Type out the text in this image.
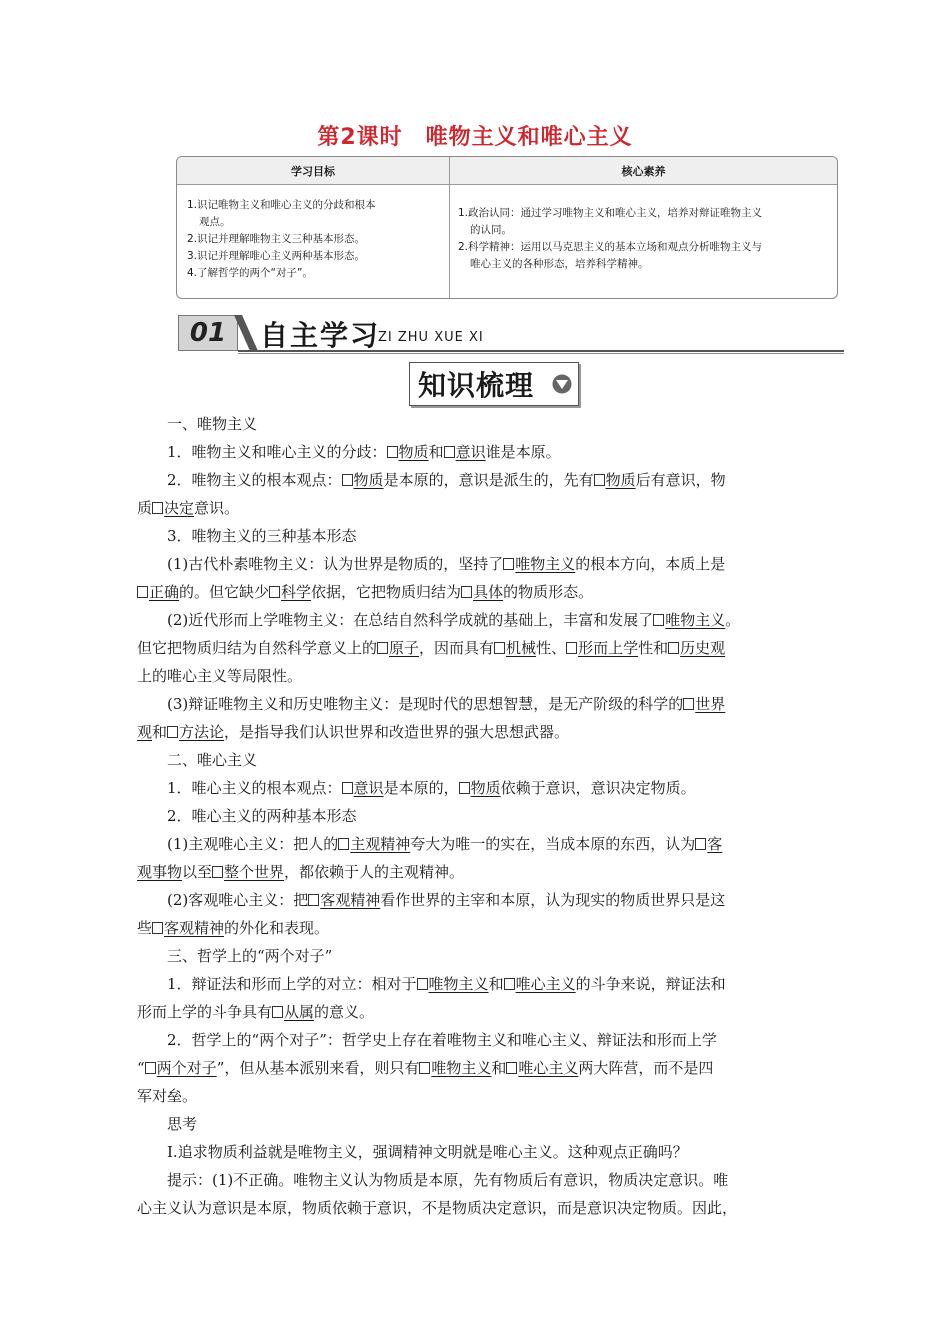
第2课时　唯物主义和唯心主义
学习目标	核心素养
1.识记唯物主义和唯心主义的分歧和根本
观点。
2.识记并理解唯物主义三种基本形态。
3.识记并理解唯心主义两种基本形态。
4.了解哲学的两个“对子”。
1.政治认同：通过学习唯物主义和唯心主义，培养对辩证唯物主义
的认同。
2.科学精神：运用以马克思主义的基本立场和观点分析唯物主义与
唯心主义的各种形态，培养科学精神。
01	自主学习
ZI ZHU XUE XI
知识梳理
一、唯物主义
1．唯物主义和唯心主义的分歧： 物质和 意识谁是本原。
2．唯物主义的根本观点： 物质是本原的，意识是派生的，先有 物质后有意识，物
质 决定意识。
3．唯物主义的三种基本形态
(1)古代朴素唯物主义：认为世界是物质的，坚持了 唯物主义的根本方向，本质上是
正确的。但它缺少 科学依据，它把物质归结为 具体的物质形态。
(2)近代形而上学唯物主义：在总结自然科学成就的基础上，丰富和发展了 唯物主义。
但它把物质归结为自然科学意义上的 原子，因而具有 机械性、 形而上学性和 历史观
上的唯心主义等局限性。
(3)辩证唯物主义和历史唯物主义：是现时代的思想智慧，是无产阶级的科学的 世界
观和 方法论，是指导我们认识世界和改造世界的强大思想武器。
二、唯心主义
1．唯心主义的根本观点： 意识是本原的， 物质依赖于意识，意识决定物质。
2．唯心主义的两种基本形态
(1)主观唯心主义：把人的 主观精神夸大为唯一的实在，当成本原的东西，认为 客
观事物以至 整个世界，都依赖于人的主观精神。
(2)客观唯心主义：把 客观精神看作世界的主宰和本原，认为现实的物质世界只是这
些 客观精神的外化和表现。
三、哲学上的“两个对子”
1．辩证法和形而上学的对立：相对于 唯物主义和 唯心主义的斗争来说，辩证法和
形而上学的斗争具有 从属的意义。
2．哲学上的“两个对子”：哲学史上存在着唯物主义和唯心主义、辩证法和形而上学
“ 两个对子”，但从基本派别来看，则只有 唯物主义和 唯心主义两大阵营，而不是四
军对垒。
思考
Ⅰ.追求物质利益就是唯物主义，强调精神文明就是唯心主义。这种观点正确吗？
提示：(1)不正确。唯物主义认为物质是本原，先有物质后有意识，物质决定意识。唯
心主义认为意识是本原，物质依赖于意识，不是物质决定意识，而是意识决定物质。因此，
